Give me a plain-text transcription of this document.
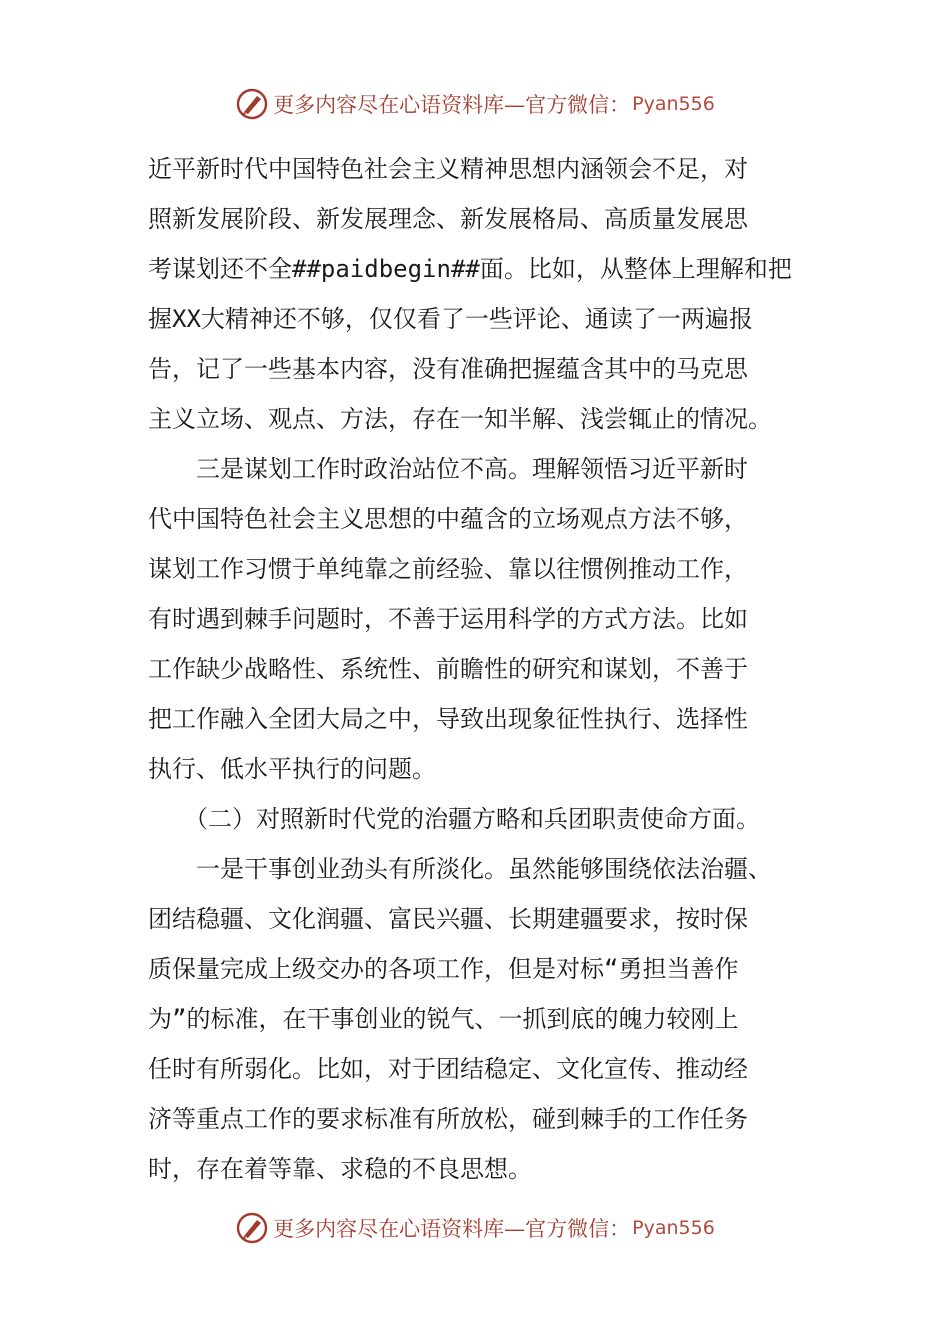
更多内容尽在心语资料库—官方微信： Pyan556
近平新时代中国特色社会主义精神思想内涵领会不足，对
照新发展阶段、新发展理念、新发展格局、高质量发展思
考谋划还不全##paidbegin##面。比如，从整体上理解和把
握XX大精神还不够，仅仅看了一些评论、通读了一两遍报
告，记了一些基本内容，没有准确把握蕴含其中的马克思
主义立场、观点、方法，存在一知半解、浅尝辄止的情况。
　　三是谋划工作时政治站位不高。理解领悟习近平新时
代中国特色社会主义思想的中蕴含的立场观点方法不够，
谋划工作习惯于单纯靠之前经验、靠以往惯例推动工作，
有时遇到棘手问题时，不善于运用科学的方式方法。比如
工作缺少战略性、系统性、前瞻性的研究和谋划，不善于
把工作融入全团大局之中，导致出现象征性执行、选择性
执行、低水平执行的问题。
　　（二）对照新时代党的治疆方略和兵团职责使命方面。
　　一是干事创业劲头有所淡化。虽然能够围绕依法治疆、
团结稳疆、文化润疆、富民兴疆、长期建疆要求，按时保
质保量完成上级交办的各项工作，但是对标“勇担当善作
为”的标准，在干事创业的锐气、一抓到底的魄力较刚上
任时有所弱化。比如，对于团结稳定、文化宣传、推动经
济等重点工作的要求标准有所放松，碰到棘手的工作任务
时，存在着等靠、求稳的不良思想。
更多内容尽在心语资料库—官方微信： Pyan556
